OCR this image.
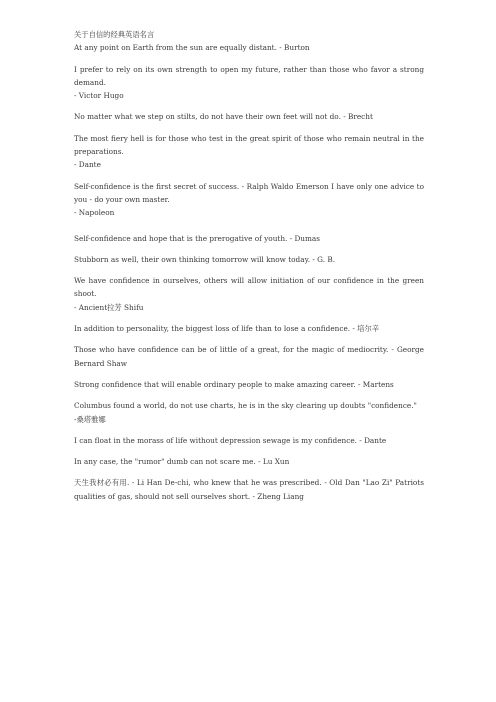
关于自信的经典英语名言
At any point on Earth from the sun are equally distant. - Burton
I prefer to rely on its own strength to open my future, rather than those who favor a strong demand.
- Victor Hugo
No matter what we step on stilts, do not have their own feet will not do. - Brecht
The most fiery hell is for those who test in the great spirit of those who remain neutral in the preparations.
- Dante
Self-confidence is the first secret of success. - Ralph Waldo Emerson I have only one advice to you - do your own master.
- Napoleon
Self-confidence and hope that is the prerogative of youth. - Dumas
Stubborn as well, their own thinking tomorrow will know today. - G. B.
We have confidence in ourselves, others will allow initiation of our confidence in the green shoot.
- Ancient拉芳 Shifu
In addition to personality, the biggest loss of life than to lose a confidence. - 培尔辛
Those who have confidence can be of little of a great, for the magic of mediocrity. - George Bernard Shaw
Strong confidence that will enable ordinary people to make amazing career. - Martens
Columbus found a world, do not use charts, he is in the sky clearing up doubts "confidence."
-桑塔雅娜
I can float in the morass of life without depression sewage is my confidence. - Dante
In any case, the "rumor" dumb can not scare me. - Lu Xun
天生我材必有用. - Li Han De-chi, who knew that he was prescribed. - Old Dan "Lao Zi" Patriots qualities of gas, should not sell ourselves short. - Zheng Liang
